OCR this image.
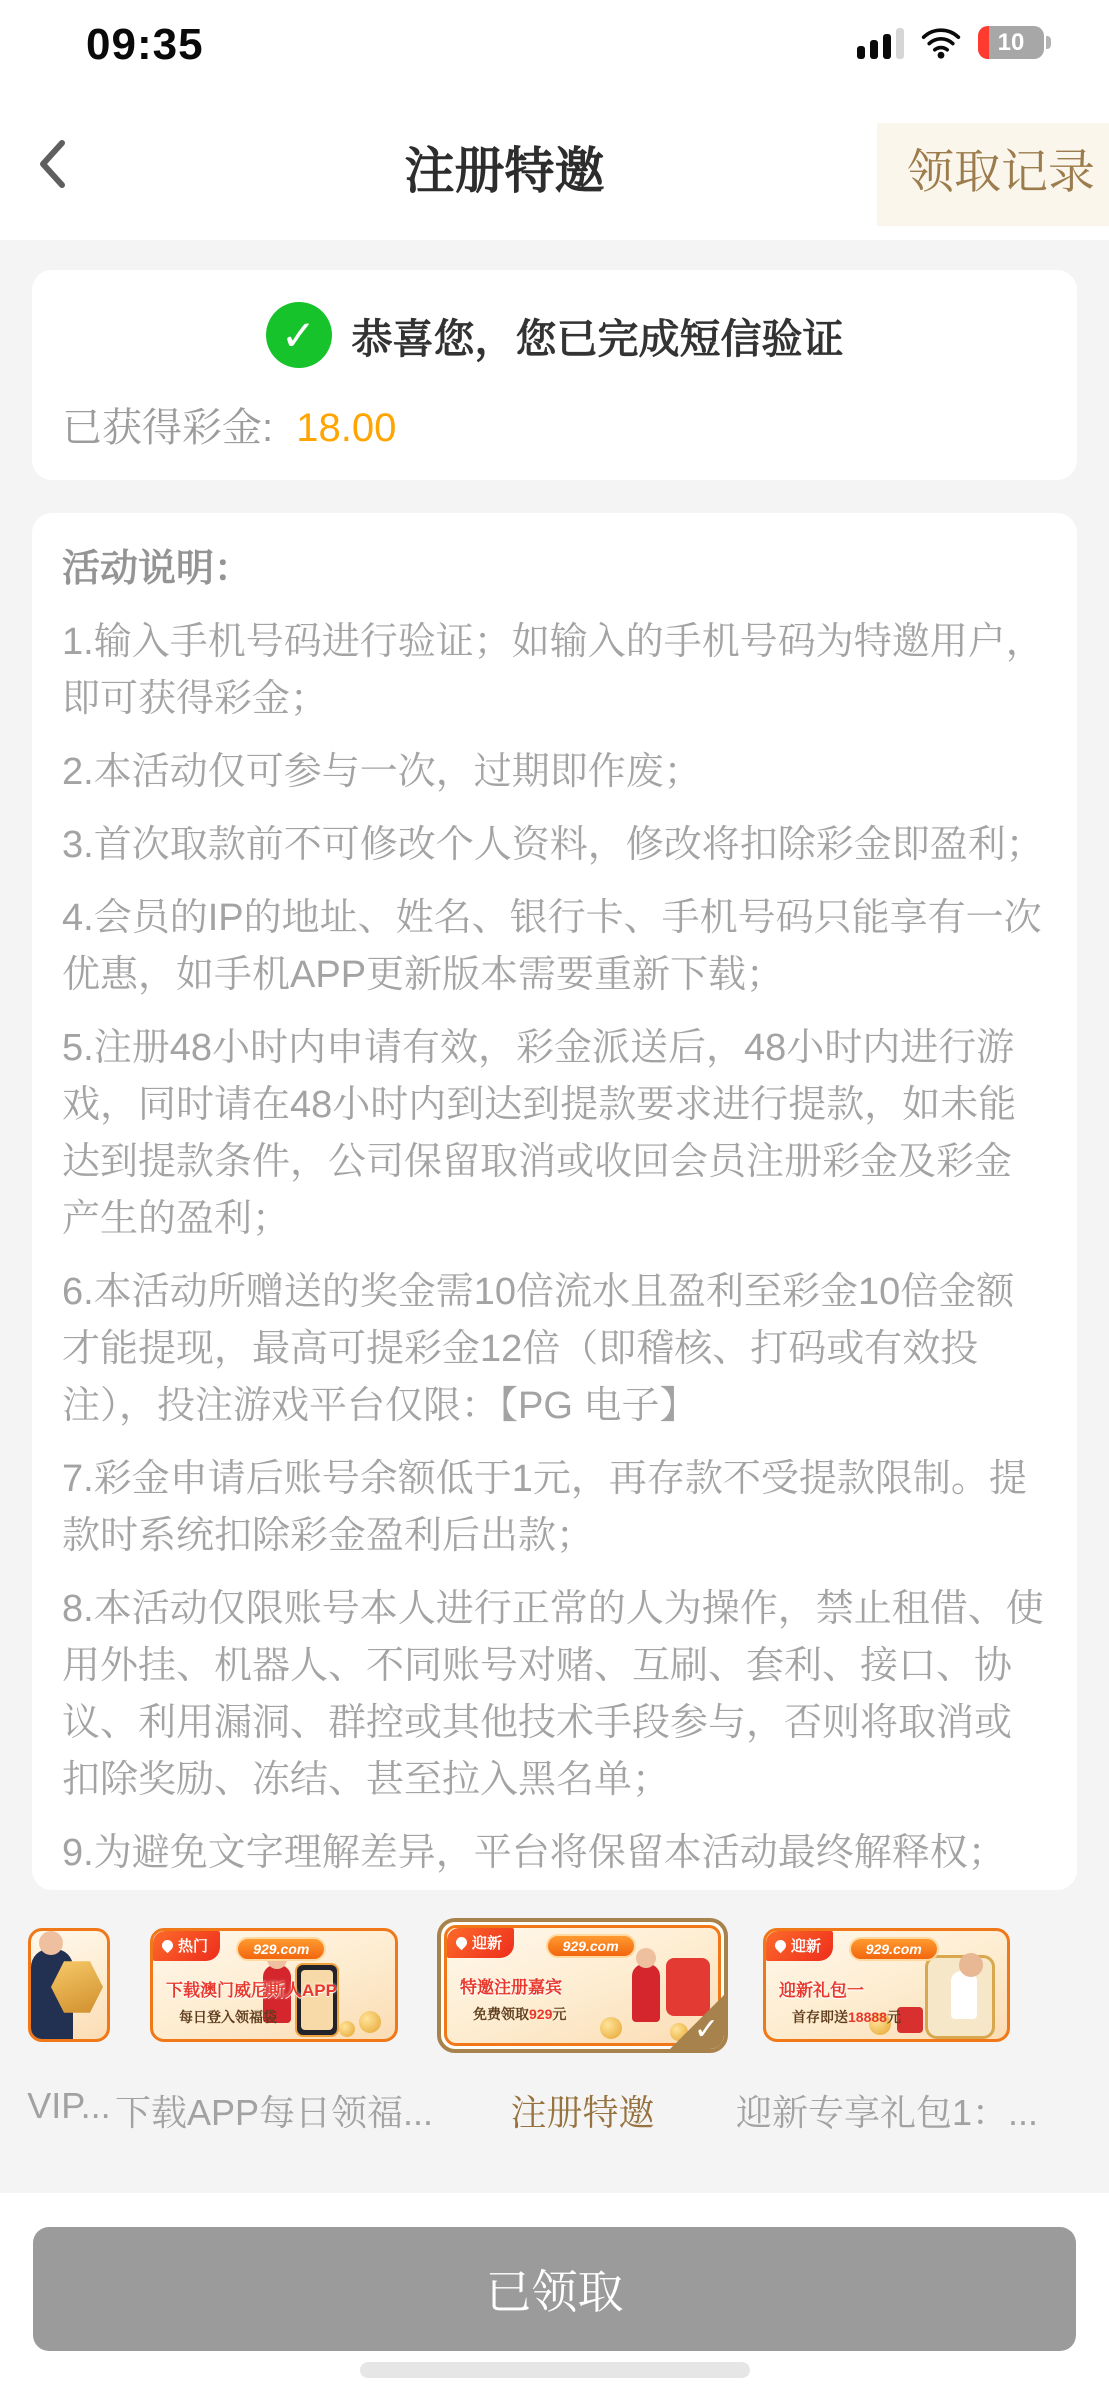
09:35	10
注册特邀	领取记录
✓ 恭喜您，您已完成短信验证
已获得彩金: 18.00

活动说明：

1.输入手机号码进行验证；如输入的手机号码为特邀用户，即可获得彩金；

2.本活动仅可参与一次，过期即作废；

3.首次取款前不可修改个人资料，修改将扣除彩金即盈利；

4.会员的IP的地址、姓名、银行卡、手机号码只能享有一次优惠，如手机APP更新版本需要重新下载；

5.注册48小时内申请有效，彩金派送后，48小时内进行游戏，同时请在48小时内到达到提款要求进行提款，如未能达到提款条件，公司保留取消或收回会员注册彩金及彩金产生的盈利；

6.本活动所赠送的奖金需10倍流水且盈利至彩金10倍金额才能提现，最高可提彩金12倍（即稽核、打码或有效投注），投注游戏平台仅限：【PG 电子】

7.彩金申请后账号余额低于1元，再存款不受提款限制。提款时系统扣除彩金盈利后出款；

8.本活动仅限账号本人进行正常的人为操作，禁止租借、使用外挂、机器人、不同账号对赌、互刷、套利、接口、协议、利用漏洞、群控或其他技术手段参与，否则将取消或扣除奖励、冻结、甚至拉入黑名单；

9.为避免文字理解差异，平台将保留本活动最终解释权；

热门	929.com
下载澳门威尼斯人APP
每日登入领福袋
迎新	929.com
特邀注册嘉宾
免费领取929元	✓
迎新	929.com
迎新礼包一
首存即送18888元
VIP... 下载APP每日领福...	注册特邀	迎新专享礼包1：...
已领取
